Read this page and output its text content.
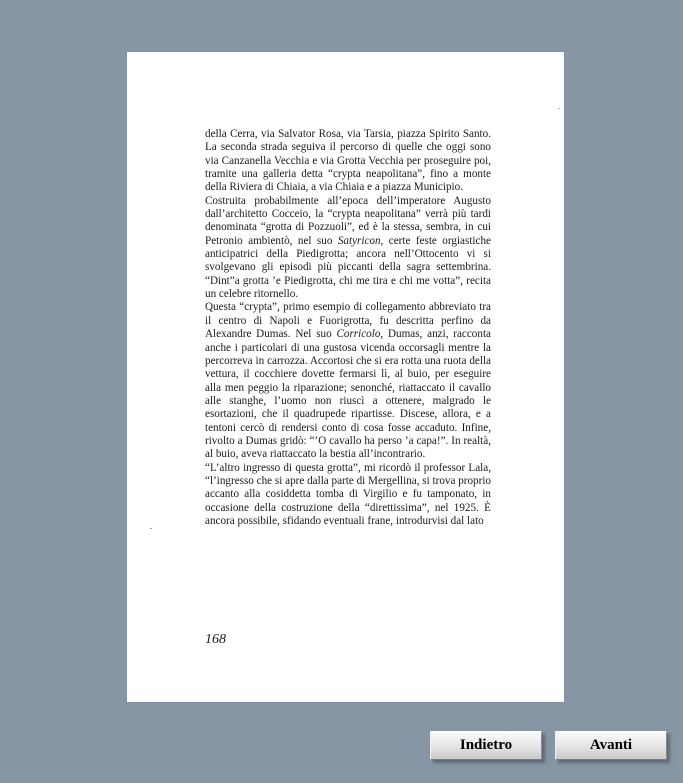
della Cerra, via Salvator Rosa, via Tarsia, piazza Spirito Santo. La seconda strada seguiva il percorso di quelle che oggi sono via Canzanella Vecchia e via Grotta Vecchia per proseguire poi, tramite una galleria detta “crypta neapolitana”, fino a monte della Riviera di Chiaia, a via Chiaia e a piazza Municipio.

Costruita probabilmente all’epoca dell’imperatore Augusto dall’architetto Cocceio, la “crypta neapolitana” verrà più tardi denominata “grotta di Pozzuoli”, ed è la stessa, sembra, in cui Petronio ambientò, nel suo Satyricon, certe feste orgiastiche anticipatrici della Piedigrotta; ancora nell’Ottocento vi si svolgevano gli episodi più piccanti della sagra settembrina. “Dint”a grotta ’e Piedigrotta, chi me tira e chi me votta”, recita un celebre ritornello.

Questa “crypta”, primo esempio di collegamento abbreviato tra il centro di Napoli e Fuorigrotta, fu descritta perfino da Alexandre Dumas. Nel suo Corricolo, Dumas, anzi, racconta anche i particolari di una gustosa vicenda occorsagli mentre la percorreva in carrozza. Accortosi che si era rotta una ruota della vettura, il cocchiere dovette fermarsi lì, al buio, per eseguire alla men peggio la riparazione; senonché, riattaccato il cavallo alle stanghe, l’uomo non riuscì a ottenere, malgrado le esortazioni, che il quadrupede ripartisse. Discese, allora, e a tentoni cercò di rendersi conto di cosa fosse accaduto. Infine, rivolto a Dumas gridò: “’O cavallo ha perso ’a capa!”. In realtà, al buio, aveva riattaccato la bestia all’incontrario.

“L’altro ingresso di questa grotta”, mi ricordò il professor Lala, “l’ingresso che si apre dalla parte di Mergellina, si trova proprio accanto alla cosiddetta tomba di Virgilio e fu tamponato, in occasione della costruzione della “direttissima”, nel 1925. È ancora possibile, sfidando eventuali frane, introdurvisi dal lato

168
Indietro	Avanti
